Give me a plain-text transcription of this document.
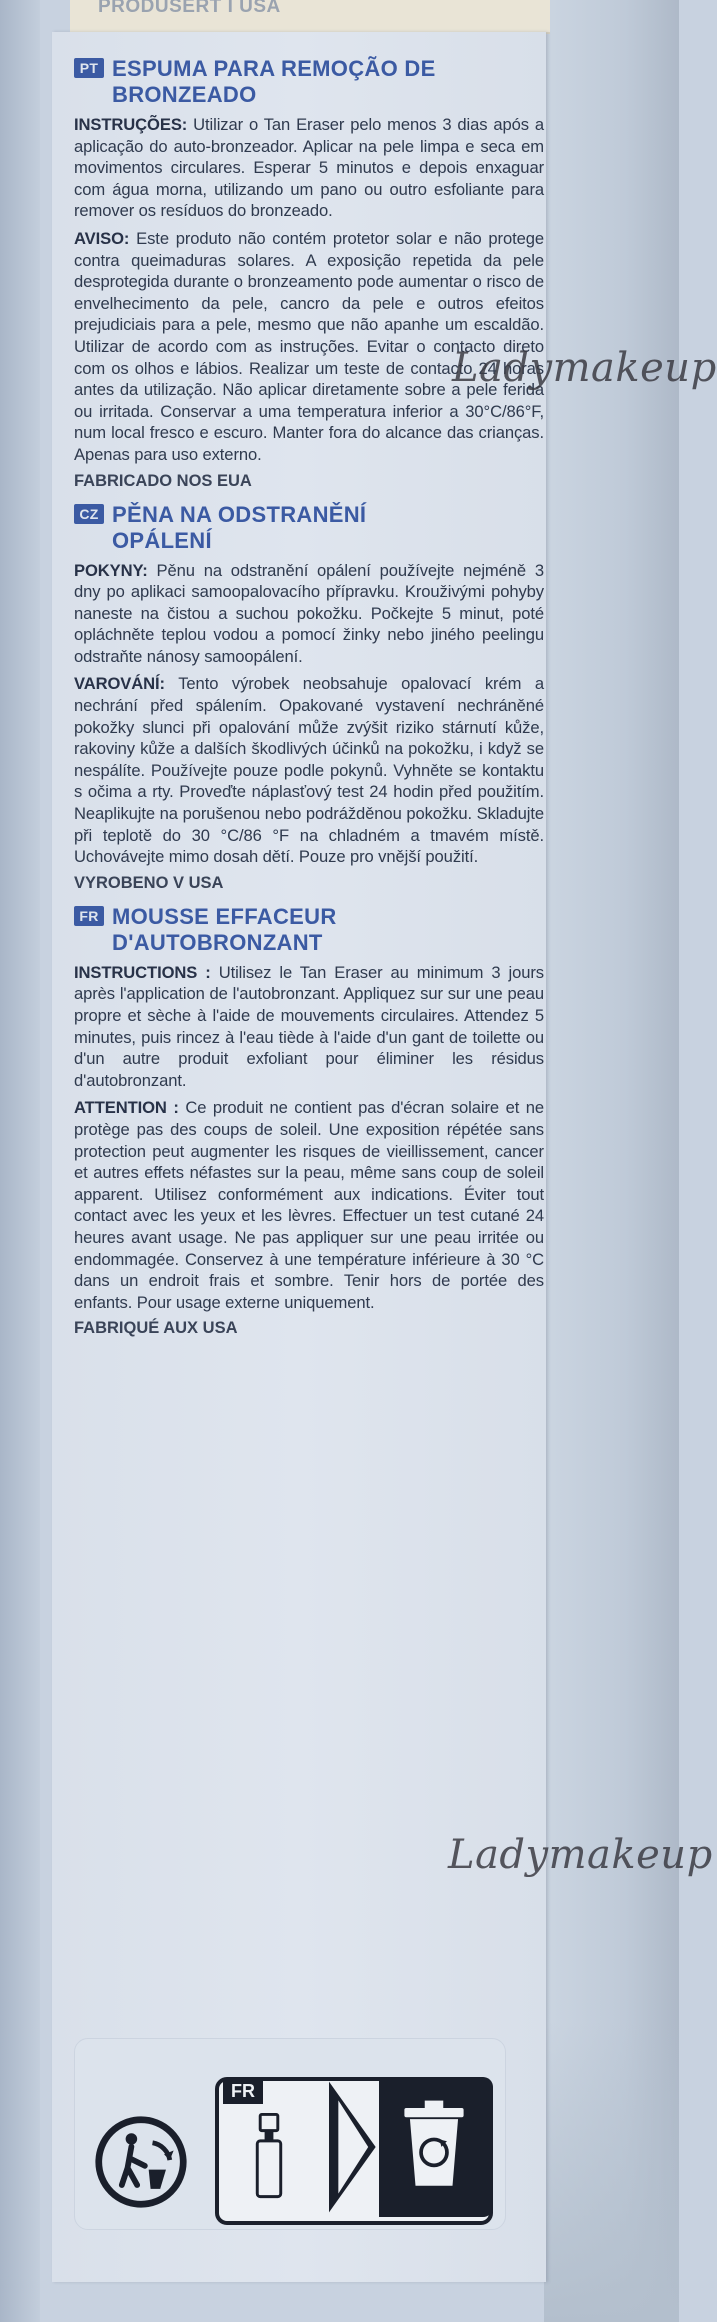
PRODUSERT I USA
PT ESPUMA PARA REMOÇÃO DE
BRONZEADO

INSTRUÇÕES: Utilizar o Tan Eraser pelo menos 3 dias após a aplicação do auto-bronzeador. Aplicar na pele limpa e seca em movimentos circulares. Esperar 5 minutos e depois enxaguar com água morna, utilizando um pano ou outro esfoliante para remover os resíduos do bronzeado.

AVISO: Este produto não contém protetor solar e não protege contra queimaduras solares. A exposição repetida da pele desprotegida durante o bronzeamento pode aumentar o risco de envelhecimento da pele, cancro da pele e outros efeitos prejudiciais para a pele, mesmo que não apanhe um escaldão. Utilizar de acordo com as instruções. Evitar o contacto direto com os olhos e lábios. Realizar um teste de contacto 24 horas antes da utilização. Não aplicar diretamente sobre a pele ferida ou irritada. Conservar a uma temperatura inferior a 30°C/86°F, num local fresco e escuro. Manter fora do alcance das crianças. Apenas para uso externo.

FABRICADO NOS EUA

CZ PĚNA NA ODSTRANĚNÍ
OPÁLENÍ

POKYNY: Pěnu na odstranění opálení používejte nejméně 3 dny po aplikaci samoopalovacího přípravku. Krouživými pohyby naneste na čistou a suchou pokožku. Počkejte 5 minut, poté opláchněte teplou vodou a pomocí žinky nebo jiného peelingu odstraňte nánosy samoopálení.

VAROVÁNÍ: Tento výrobek neobsahuje opalovací krém a nechrání před spálením. Opakované vystavení nechráněné pokožky slunci při opalování může zvýšit riziko stárnutí kůže, rakoviny kůže a dalších škodlivých účinků na pokožku, i když se nespálíte. Používejte pouze podle pokynů. Vyhněte se kontaktu s očima a rty. Proveďte náplasťový test 24 hodin před použitím. Neaplikujte na porušenou nebo podrážděnou pokožku. Skladujte při teplotě do 30 °C/86 °F na chladném a tmavém místě. Uchovávejte mimo dosah dětí. Pouze pro vnější použití.

VYROBENO V USA

FR MOUSSE EFFACEUR
D'AUTOBRONZANT

INSTRUCTIONS : Utilisez le Tan Eraser au minimum 3 jours après l'application de l'autobronzant. Appliquez sur sur une peau propre et sèche à l'aide de mouvements circulaires. Attendez 5 minutes, puis rincez à l'eau tiède à l'aide d'un gant de toilette ou d'un autre produit exfoliant pour éliminer les résidus d'autobronzant.

ATTENTION : Ce produit ne contient pas d'écran solaire et ne protège pas des coups de soleil. Une exposition répétée sans protection peut augmenter les risques de vieillissement, cancer et autres effets néfastes sur la peau, même sans coup de soleil apparent. Utilisez conformément aux indications. Éviter tout contact avec les yeux et les lèvres. Effectuer un test cutané 24 heures avant usage. Ne pas appliquer sur une peau irritée ou endommagée. Conservez à une température inférieure à 30 °C dans un endroit frais et sombre. Tenir hors de portée des enfants. Pour usage externe uniquement.

FABRIQUÉ AUX USA

FR
Ladymakeup
Ladymakeup
